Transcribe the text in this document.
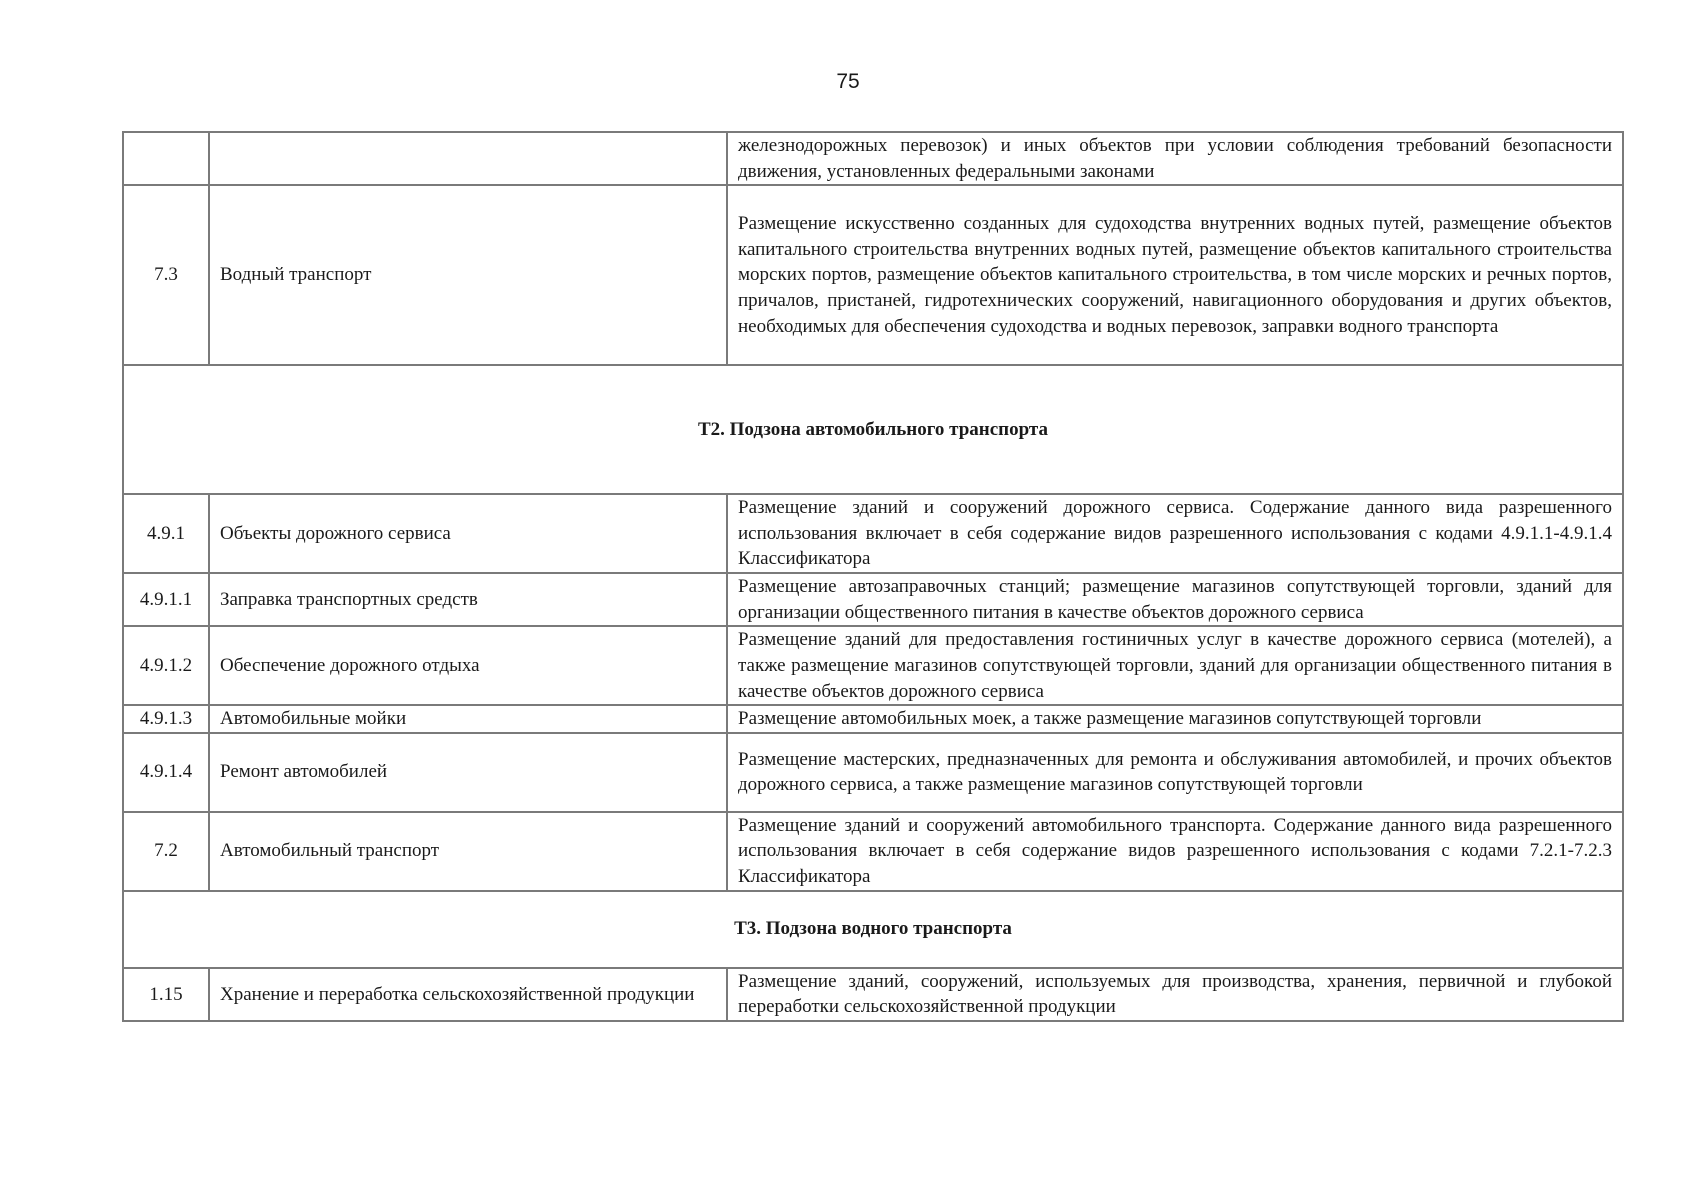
75
		железнодорожных перевозок) и иных объектов при условии соблюдения требований безопасности движения, установленных федеральными законами
7.3	Водный транспорт	Размещение искусственно созданных для судоходства внутренних водных путей, размещение объектов капитального строительства внутренних водных путей, размещение объектов капитального строительства морских портов, размещение объектов капитального строительства, в том числе морских и речных портов, причалов, пристаней, гидротехнических сооружений, навигационного оборудования и других объектов, необходимых для обеспечения судоходства и водных перевозок, заправки водного транспорта
Т2. Подзона автомобильного транспорта		
4.9.1	Объекты дорожного сервиса	Размещение зданий и сооружений дорожного сервиса. Содержание данного вида разрешенного использования включает в себя содержание видов разрешенного использования с кодами 4.9.1.1-4.9.1.4 Классификатора
4.9.1.1	Заправка транспортных средств	Размещение автозаправочных станций; размещение магазинов сопутствующей торговли, зданий для организации общественного питания в качестве объектов дорожного сервиса
4.9.1.2	Обеспечение дорожного отдыха	Размещение зданий для предоставления гостиничных услуг в качестве дорожного сервиса (мотелей), а также размещение магазинов сопутствующей торговли, зданий для организации общественного питания в качестве объектов дорожного сервиса
4.9.1.3	Автомобильные мойки	Размещение автомобильных моек, а также размещение магазинов сопутствующей торговли
4.9.1.4	Ремонт автомобилей	Размещение мастерских, предназначенных для ремонта и обслуживания автомобилей, и прочих объектов дорожного сервиса, а также размещение магазинов сопутствующей торговли
7.2	Автомобильный транспорт	Размещение зданий и сооружений автомобильного транспорта. Содержание данного вида разрешенного использования включает в себя содержание видов разрешенного использования с кодами 7.2.1-7.2.3 Классификатора
Т3. Подзона водного транспорта		
1.15	Хранение и переработка сельскохозяйственной продукции	Размещение зданий, сооружений, используемых для производства, хранения, первичной и глубокой переработки сельскохозяйственной продукции
